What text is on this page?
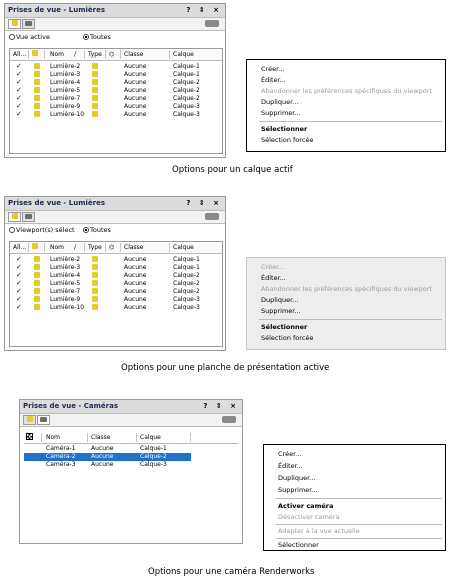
Prises de vue - Lumières	? ⇕ ×
Vue active	Toutes
All...	Nom / Type ⌬ Classe	Calque
✓	Lumière-2	Aucune	Calque-1
✓	Lumière-3	Aucune	Calque-1
✓	Lumière-4	Aucune	Calque-2
✓	Lumière-5	Aucune	Calque-2
✓	Lumière-7	Aucune	Calque-2
✓	Lumière-9	Aucune	Calque-3
✓	Lumière-10	Aucune	Calque-3
Créer...
Éditer...
Abandonner les préférences spécifiques du viewport
Dupliquer...
Supprimer...
Sélectionner
Sélection forcée
Options pour un calque actif
Prises de vue - Lumières	? ⇕ ×
Viewport(s) sélect	Toutes
All...	Nom / Type ⌬ Classe	Calque
✓	Lumière-2	Aucune	Calque-1
✓	Lumière-3	Aucune	Calque-1
✓	Lumière-4	Aucune	Calque-2
✓	Lumière-5	Aucune	Calque-2
✓	Lumière-7	Aucune	Calque-2
✓	Lumière-9	Aucune	Calque-3
✓	Lumière-10	Aucune	Calque-3
Créer...
Éditer...
Abandonner les préférences spécifiques du viewport
Dupliquer...
Supprimer...
Sélectionner
Sélection forcée
Options pour une planche de présentation active
Prises de vue - Caméras	? ⇕ ×
Nom	Classe	Calque
Caméra-1	Aucune	Calque-1
Caméra-2	Aucune	Calque-2
Caméra-3	Aucune	Calque-3
Créer...
Éditer...
Dupliquer...
Supprimer...
Activer caméra
Désactiver caméra
Adapter à la vue actuelle
Sélectionner
Options pour une caméra Renderworks
